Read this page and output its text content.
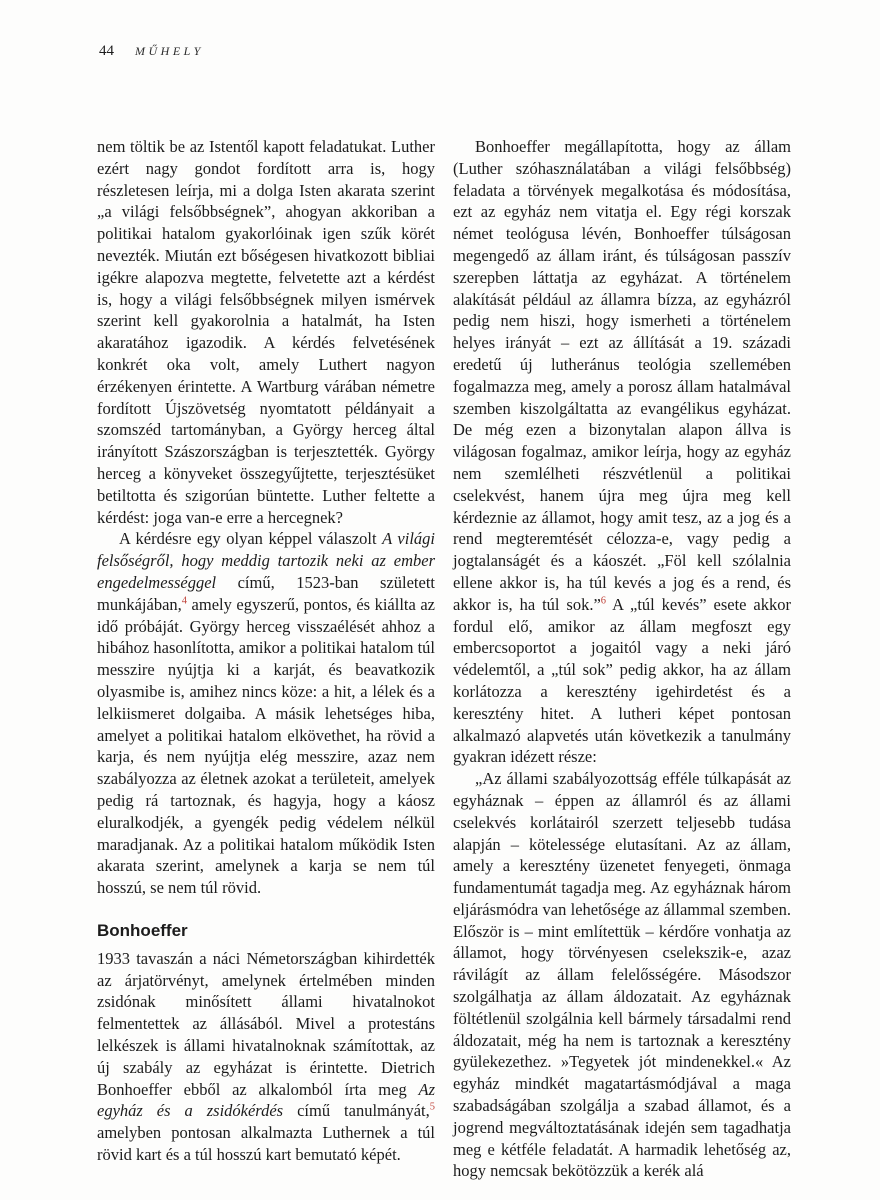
44 MŰHELY

nem töltik be az Istentől kapott feladatukat. Luther ezért nagy gondot fordított arra is, hogy részletesen leírja, mi a dolga Isten akarata szerint „a világi felsőbbségnek”, ahogyan akkoriban a politikai hatalom gyakorlóinak igen szűk körét nevezték. Miután ezt bőségesen hivatkozott bibliai igékre alapozva megtette, felvetette azt a kérdést is, hogy a világi felsőbbségnek milyen ismérvek szerint kell gyakorolnia a hatalmát, ha Isten akaratához igazodik. A kérdés felvetésének konkrét oka volt, amely Luthert nagyon érzékenyen érintette. A Wartburg várában németre fordított Újszövetség nyomtatott példányait a szomszéd tartományban, a György herceg által irányított Szászországban is terjesztették. György herceg a könyveket összegyűjtette, terjesztésüket betiltotta és szigorúan büntette. Luther feltette a kérdést: joga van-e erre a hercegnek?

A kérdésre egy olyan képpel válaszolt A világi felsőségről, hogy meddig tartozik neki az ember engedelmességgel című, 1523-ban született munkájában,$^4$ amely egyszerű, pontos, és kiállta az idő próbáját. György herceg visszaélését ahhoz a hibához hasonlította, amikor a politikai hatalom túl messzire nyújtja ki a karját, és beavatkozik olyasmibe is, amihez nincs köze: a hit, a lélek és a lelkiismeret dolgaiba. A másik lehetséges hiba, amelyet a politikai hatalom elkövethet, ha rövid a karja, és nem nyújtja elég messzire, azaz nem szabályozza az életnek azokat a területeit, amelyek pedig rá tartoznak, és hagyja, hogy a káosz eluralkodjék, a gyengék pedig védelem nélkül maradjanak. Az a politikai hatalom működik Isten akarata szerint, amelynek a karja se nem túl hosszú, se nem túl rövid.

Bonhoeffer

1933 tavaszán a náci Németországban kihirdették az árjatörvényt, amelynek értelmében minden zsidónak minősített állami hivatalnokot felmentettek az állásából. Mivel a protestáns lelkészek is állami hivatalnoknak számítottak, az új szabály az egyházat is érintette. Dietrich Bonhoeffer ebből az alkalomból írta meg Az egyház és a zsidókérdés című tanulmányát,$^5$ amelyben pontosan alkalmazta Luthernek a túl rövid kart és a túl hosszú kart bemutató képét.

Bonhoeffer megállapította, hogy az állam (Luther szóhasználatában a világi felsőbbség) feladata a törvények megalkotása és módosítása, ezt az egyház nem vitatja el. Egy régi korszak német teológusa lévén, Bonhoeffer túlságosan megengedő az állam iránt, és túlságosan passzív szerepben láttatja az egyházat. A történelem alakítását például az államra bízza, az egyházról pedig nem hiszi, hogy ismerheti a történelem helyes irányát – ezt az állítását a 19. századi eredetű új lutheránus teológia szellemében fogalmazza meg, amely a porosz állam hatalmával szemben kiszolgáltatta az evangélikus egyházat. De még ezen a bizonytalan alapon állva is világosan fogalmaz, amikor leírja, hogy az egyház nem szemlélheti részvétlenül a politikai cselekvést, hanem újra meg újra meg kell kérdeznie az államot, hogy amit tesz, az a jog és a rend megteremtését célozza-e, vagy pedig a jogtalanságét és a káoszét. „Föl kell szólalnia ellene akkor is, ha túl kevés a jog és a rend, és akkor is, ha túl sok.”$^6$ A „túl kevés” esete akkor fordul elő, amikor az állam megfoszt egy embercsoportot a jogaitól vagy a neki járó védelemtől, a „túl sok” pedig akkor, ha az állam korlátozza a keresztény igehirdetést és a keresztény hitet. A lutheri képet pontosan alkalmazó alapvetés után következik a tanulmány gyakran idézett része:

„Az állami szabályozottság efféle túlkapását az egyháznak – éppen az államról és az állami cselekvés korlátairól szerzett teljesebb tudása alapján – kötelessége elutasítani. Az az állam, amely a keresztény üzenetet fenyegeti, önmaga fundamentumát tagadja meg. Az egyháznak három eljárásmódra van lehetősége az állammal szemben. Először is – mint említettük – kérdőre vonhatja az államot, hogy törvényesen cselekszik-e, azaz rávilágít az állam felelősségére. Másodszor szolgálhatja az állam áldozatait. Az egyháznak föltétlenül szolgálnia kell bármely társadalmi rend áldozatait, még ha nem is tartoznak a keresztény gyülekezethez. »Tegyetek jót mindenekkel.« Az egyház mindkét magatartásmódjával a maga szabadságában szolgálja a szabad államot, és a jogrend megváltoztatásának idején sem tagadhatja meg e kétféle feladatát. A harmadik lehetőség az, hogy nemcsak bekötözzük a kerék alá
